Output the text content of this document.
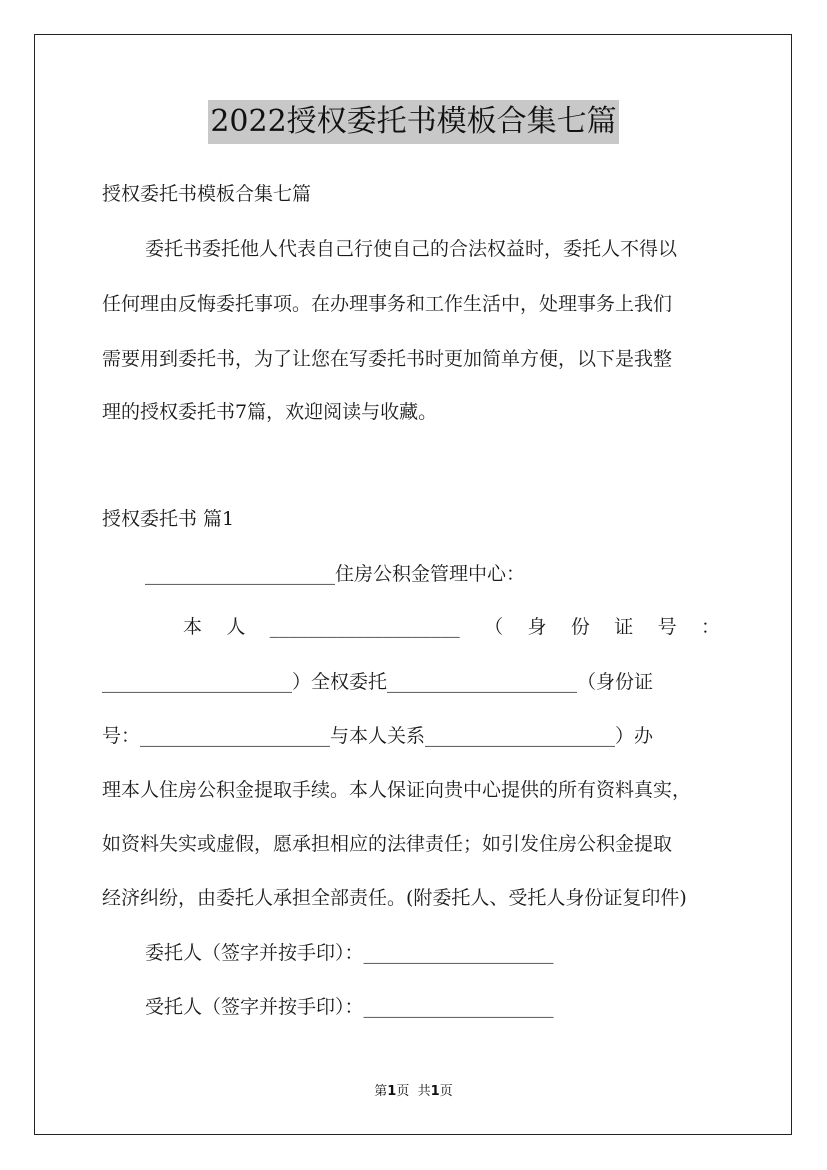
2022授权委托书模板合集七篇
授权委托书模板合集七篇
委托书委托他人代表自己行使自己的合法权益时，委托人不得以
任何理由反悔委托事项。在办理事务和工作生活中，处理事务上我们
需要用到委托书，为了让您在写委托书时更加简单方便，以下是我整
理的授权委托书7篇，欢迎阅读与收藏。
授权委托书 篇1
____________________住房公积金管理中心：
本 人 ____________________ （ 身 份 证 号 ：
____________________）全权委托____________________（身份证
号：____________________与本人关系____________________）办
理本人住房公积金提取手续。本人保证向贵中心提供的所有资料真实，
如资料失实或虚假，愿承担相应的法律责任；如引发住房公积金提取
经济纠纷，由委托人承担全部责任。(附委托人、受托人身份证复印件)
委托人（签字并按手印）：____________________
受托人（签字并按手印）：____________________
第1页 共1页
